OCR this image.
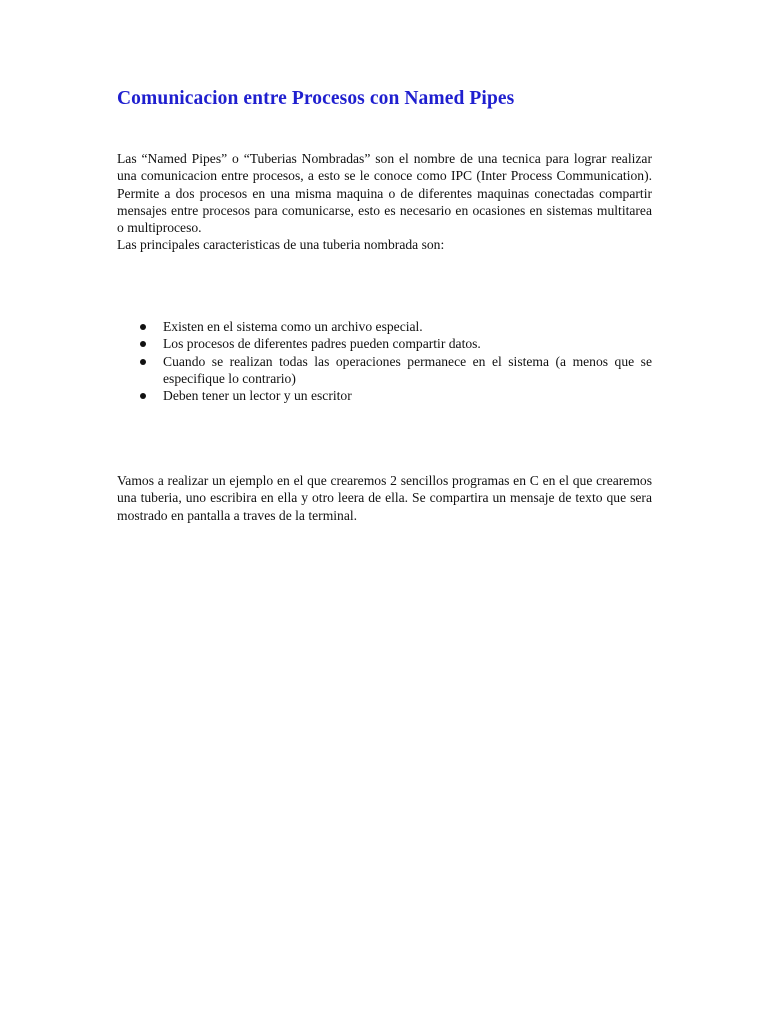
Comunicacion entre Procesos con Named Pipes

Las “Named Pipes” o “Tuberias Nombradas” son el nombre de una tecnica para lograr realizar una comunicacion entre procesos, a esto se le conoce como IPC (Inter Process Communication). Permite a dos procesos en una misma maquina o de diferentes maquinas conectadas compartir mensajes entre procesos para comunicarse, esto es necesario en ocasiones en sistemas multitarea o multiproceso.

Las principales caracteristicas de una tuberia nombrada son:

Existen en el sistema como un archivo especial.
Los procesos de diferentes padres pueden compartir datos.
Cuando se realizan todas las operaciones permanece en el sistema (a menos que se especifique lo contrario)
Deben tener un lector y un escritor

Vamos a realizar un ejemplo en el que crearemos 2 sencillos programas en C en el que crearemos una tuberia, uno escribira en ella y otro leera de ella. Se compartira un mensaje de texto que sera mostrado en pantalla a traves de la terminal.
